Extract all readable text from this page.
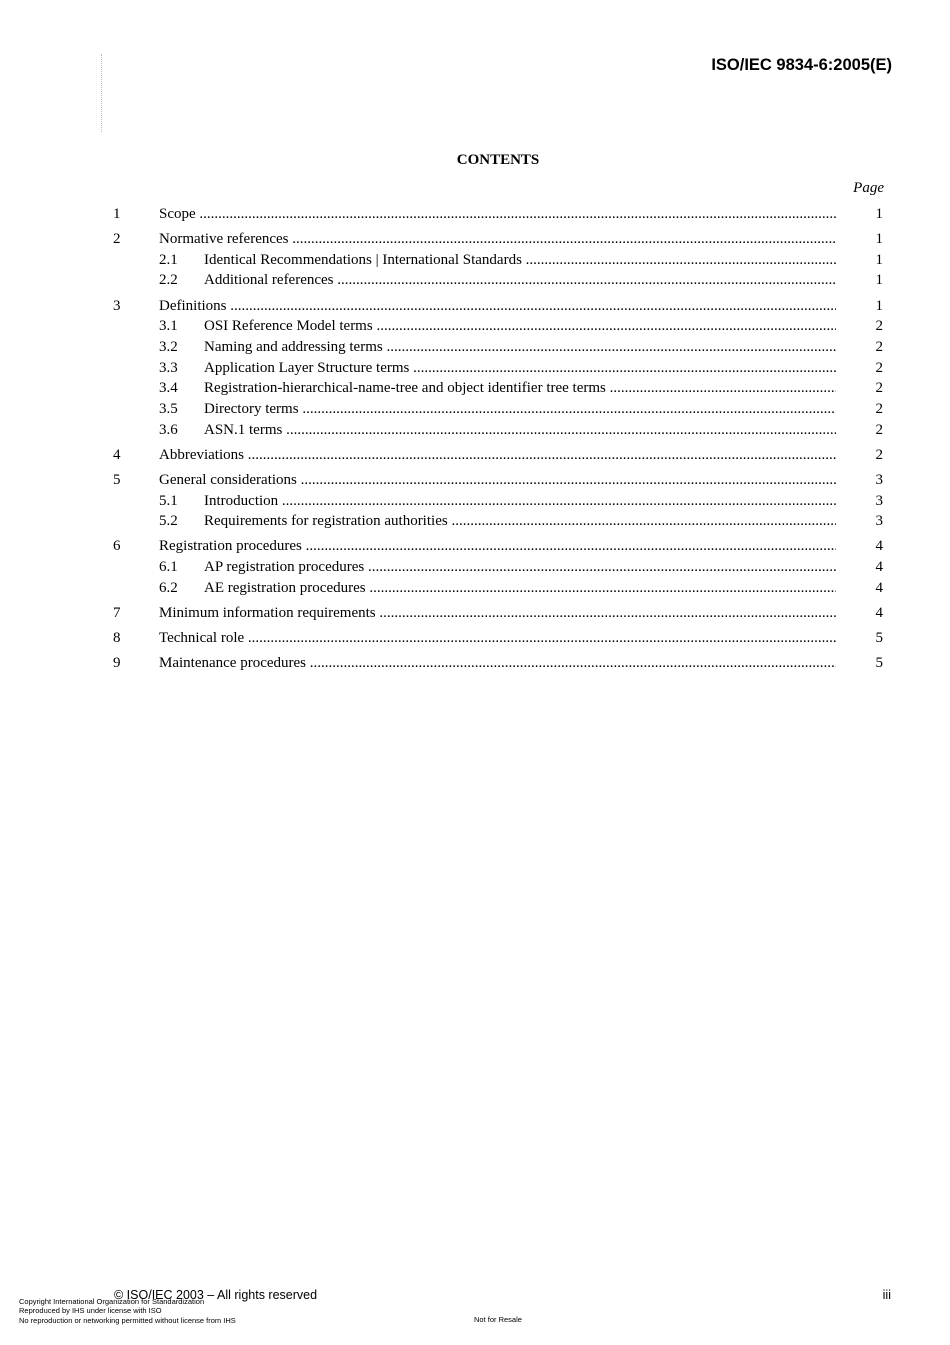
ISO/IEC 9834-6:2005(E)
CONTENTS
Page
1	Scope .....	1
2	Normative references .....	1
2.1 Identical Recommendations | International Standards .....	1
2.2 Additional references .....	1
3	Definitions .....	1
3.1 OSI Reference Model terms .....	2
3.2 Naming and addressing terms .....	2
3.3 Application Layer Structure terms .....	2
3.4 Registration-hierarchical-name-tree and object identifier tree terms .....	2
3.5 Directory terms .....	2
3.6 ASN.1 terms .....	2
4	Abbreviations .....	2
5	General considerations .....	3
5.1 Introduction .....	3
5.2 Requirements for registration authorities .....	3
6	Registration procedures .....	4
6.1 AP registration procedures .....	4
6.2 AE registration procedures .....	4
7	Minimum information requirements .....	4
8	Technical role .....	5
9	Maintenance procedures .....	5
© ISO/IEC 2003 – All rights reserved	iii
Copyright International Organization for Standardization
Reproduced by IHS under license with ISO
No reproduction or networking permitted without license from IHS	Not for Resale
